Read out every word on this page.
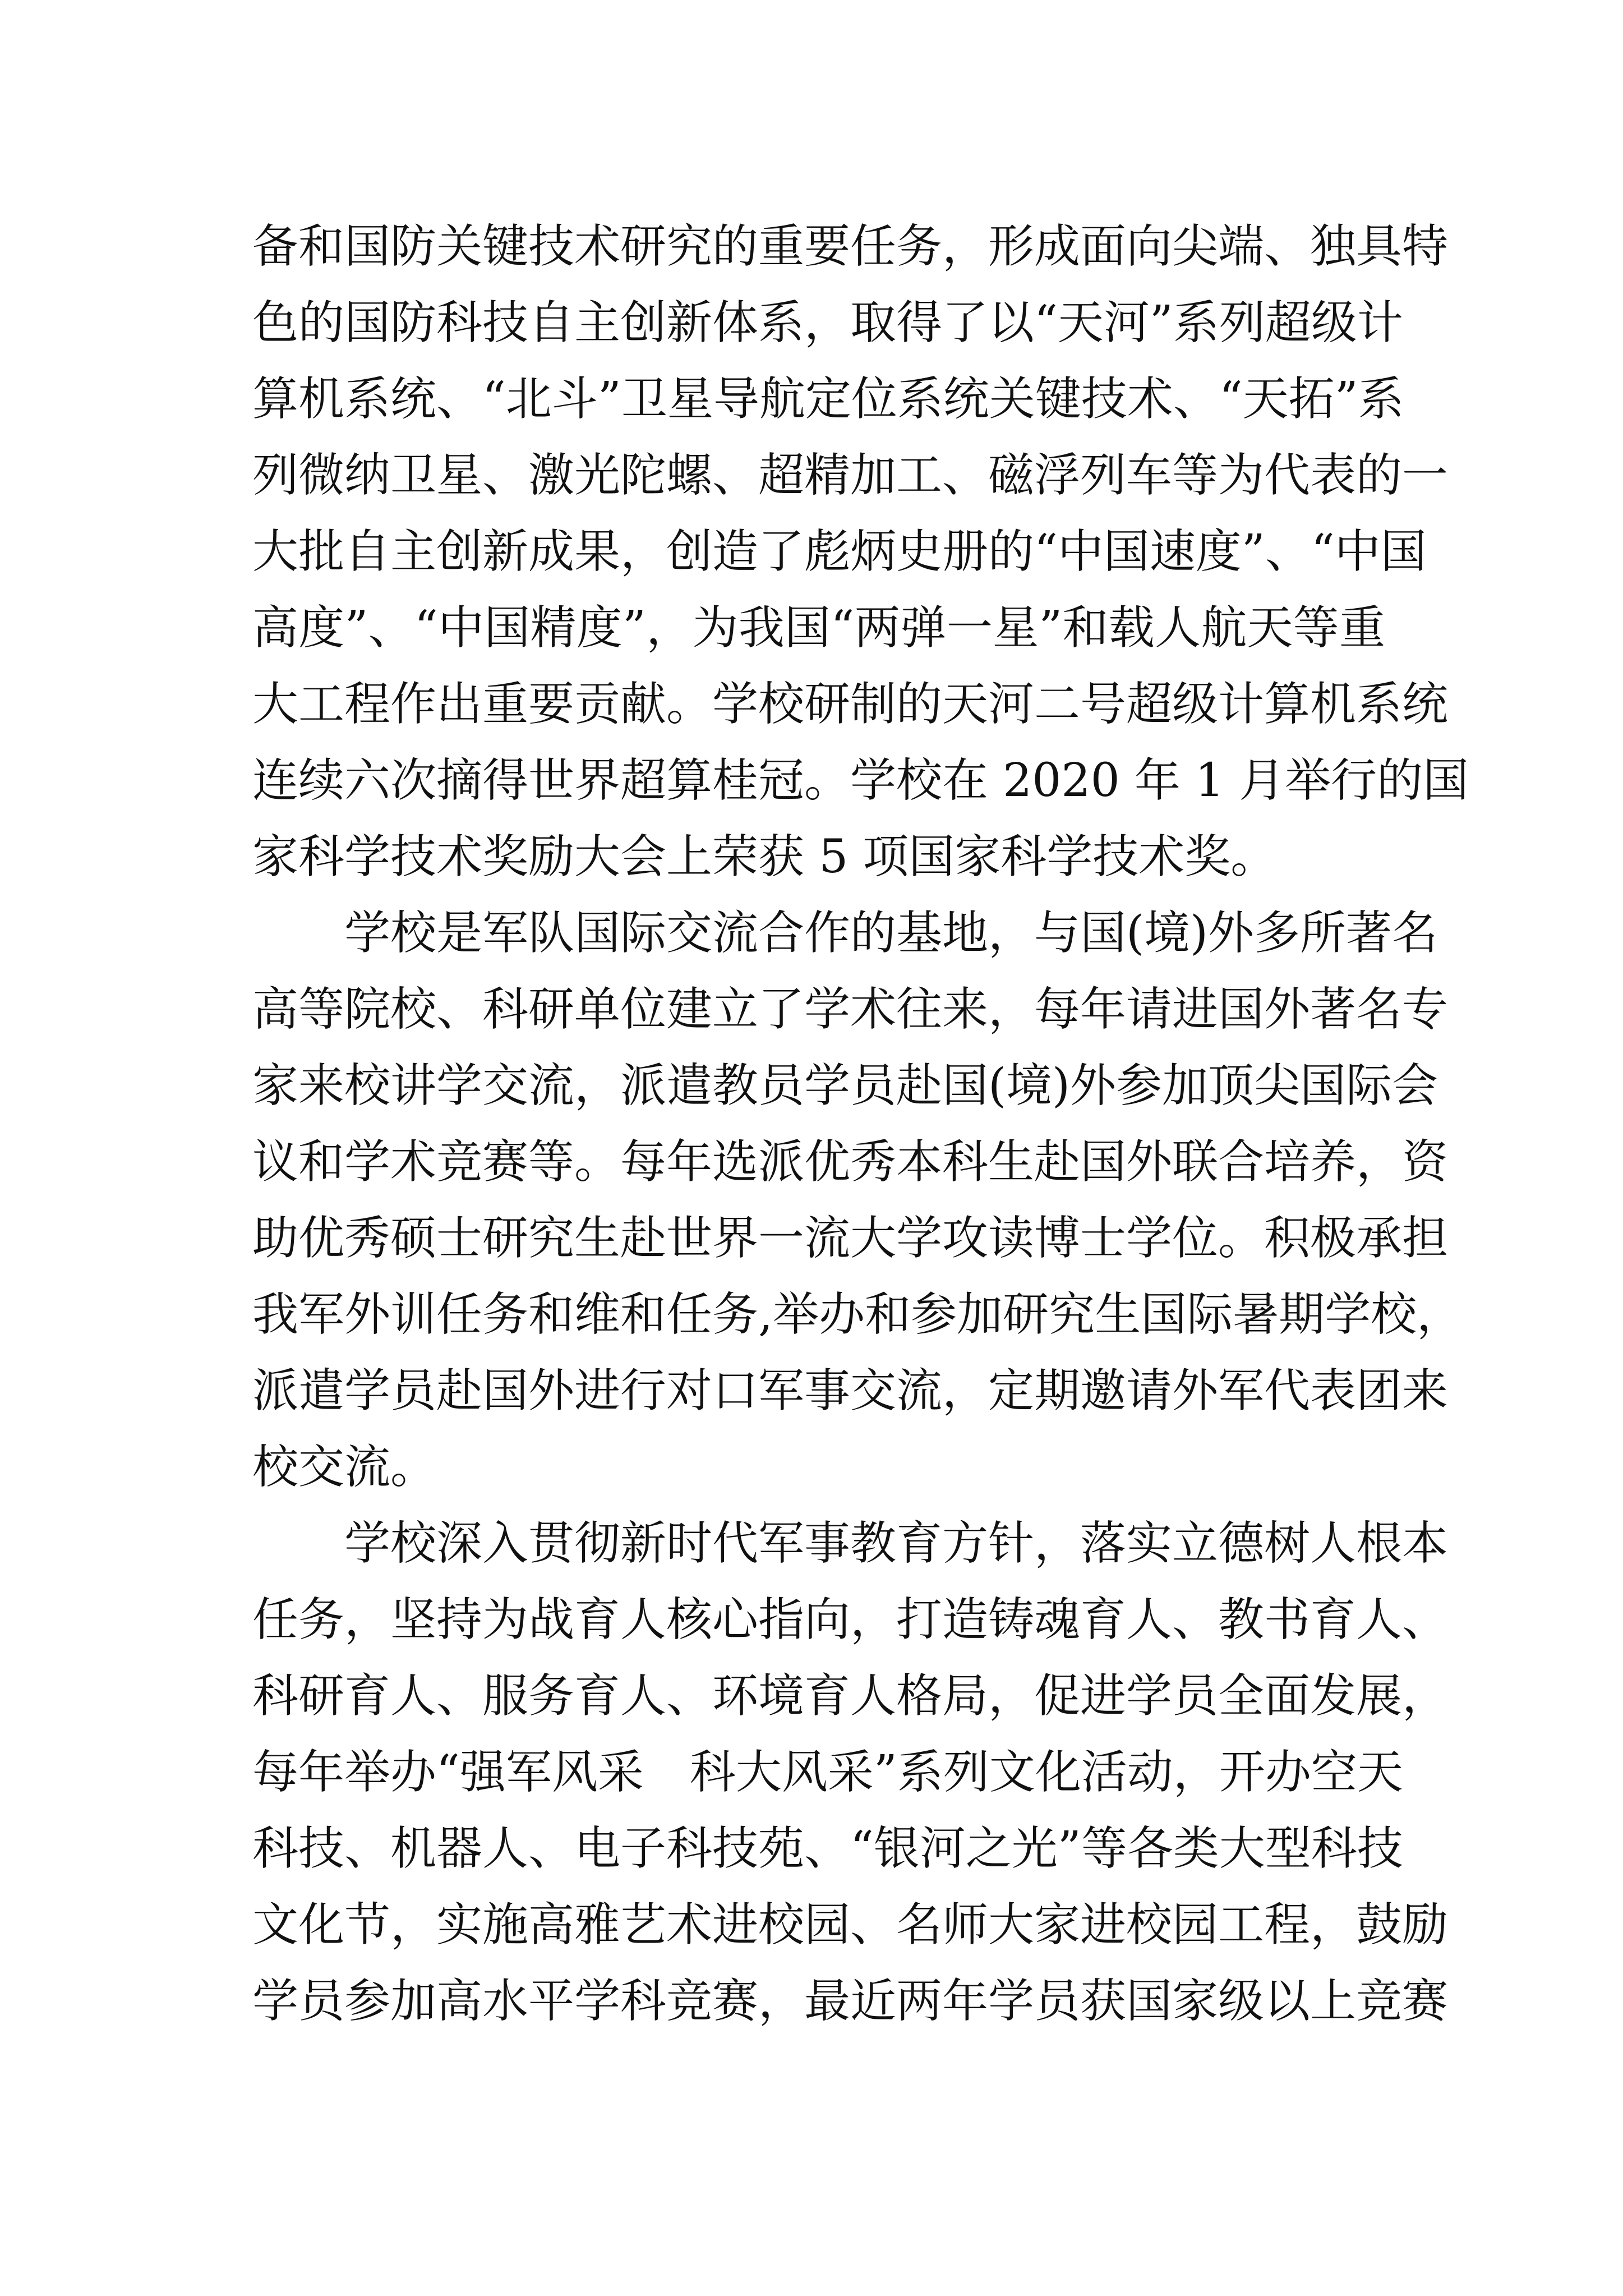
备和国防关键技术研究的重要任务，形成面向尖端、独具特
色的国防科技自主创新体系，取得了以“天河”系列超级计
算机系统、“北斗”卫星导航定位系统关键技术、“天拓”系
列微纳卫星、激光陀螺、超精加工、磁浮列车等为代表的一
大批自主创新成果，创造了彪炳史册的“中国速度”、“中国
高度”、“中国精度”，为我国“两弹一星”和载人航天等重
大工程作出重要贡献。学校研制的天河二号超级计算机系统
连续六次摘得世界超算桂冠。学校在 2020 年 1 月举行的国
家科学技术奖励大会上荣获 5 项国家科学技术奖。
学校是军队国际交流合作的基地，与国(境)外多所著名
高等院校、科研单位建立了学术往来，每年请进国外著名专
家来校讲学交流，派遣教员学员赴国(境)外参加顶尖国际会
议和学术竞赛等。每年选派优秀本科生赴国外联合培养，资
助优秀硕士研究生赴世界一流大学攻读博士学位。积极承担
我军外训任务和维和任务,举办和参加研究生国际暑期学校，
派遣学员赴国外进行对口军事交流，定期邀请外军代表团来
校交流。
学校深入贯彻新时代军事教育方针，落实立德树人根本
任务，坚持为战育人核心指向，打造铸魂育人、教书育人、
科研育人、服务育人、环境育人格局，促进学员全面发展，
每年举办“强军风采　科大风采”系列文化活动，开办空天
科技、机器人、电子科技苑、“银河之光”等各类大型科技
文化节，实施高雅艺术进校园、名师大家进校园工程，鼓励
学员参加高水平学科竞赛，最近两年学员获国家级以上竞赛
